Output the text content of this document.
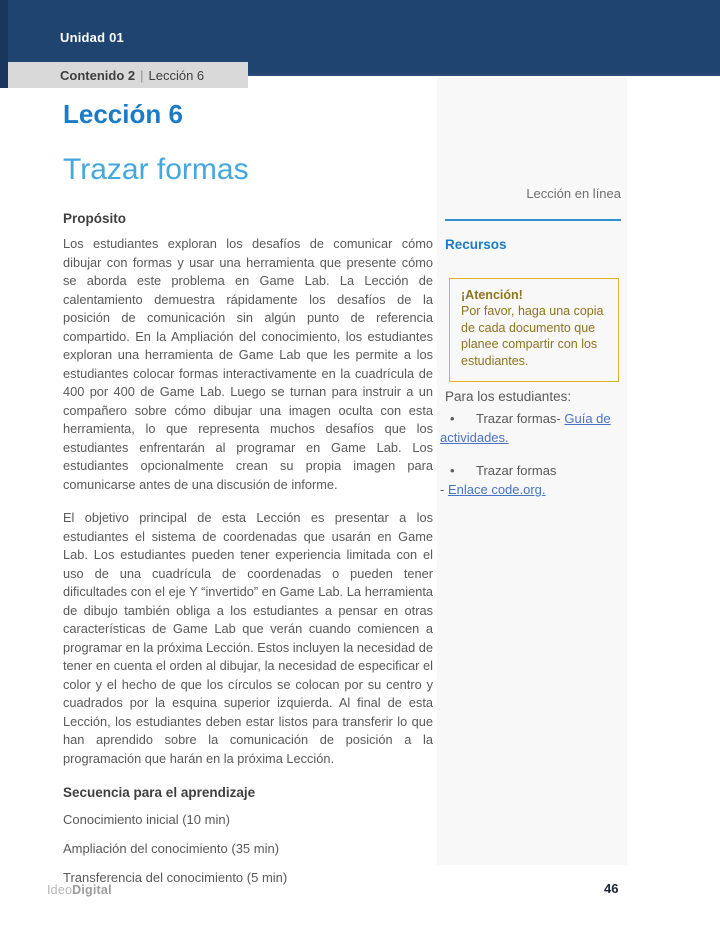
Unidad 01
Contenido 2 | Lección 6
Lección 6
Trazar formas
Propósito

Los estudiantes exploran los desafíos de comunicar cómo dibujar con formas y usar una herramienta que presente cómo se aborda este problema en Game Lab. La Lección de calentamiento demuestra rápidamente los desafíos de la posición de comunicación sin algún punto de referencia compartido. En la Ampliación del conocimiento, los estudiantes exploran una herramienta de Game Lab que les permite a los estudiantes colocar formas interactivamente en la cuadrícula de 400 por 400 de Game Lab. Luego se turnan para instruir a un compañero sobre cómo dibujar una imagen oculta con esta herramienta, lo que representa muchos desafíos que los estudiantes enfrentarán al programar en Game Lab. Los estudiantes opcionalmente crean su propia imagen para comunicarse antes de una discusión de informe.

El objetivo principal de esta Lección es presentar a los estudiantes el sistema de coordenadas que usarán en Game Lab. Los estudiantes pueden tener experiencia limitada con el uso de una cuadrícula de coordenadas o pueden tener dificultades con el eje Y “invertido” en Game Lab. La herramienta de dibujo también obliga a los estudiantes a pensar en otras características de Game Lab que verán cuando comiencen a programar en la próxima Lección. Estos incluyen la necesidad de tener en cuenta el orden al dibujar, la necesidad de especificar el color y el hecho de que los círculos se colocan por su centro y cuadrados por la esquina superior izquierda. Al final de esta Lección, los estudiantes deben estar listos para transferir lo que han aprendido sobre la comunicación de posición a la programación que harán en la próxima Lección.

Secuencia para el aprendizaje
Conocimiento inicial (10 min)
Ampliación del conocimiento (35 min)
Transferencia del conocimiento (5 min)
Lección en línea
Recursos
¡Atención!
Por favor, haga una copia de cada documento que planee compartir con los estudiantes.
Para los estudiantes:
• Trazar formas- Guía de actividades.
• Trazar formas
- Enlace code.org.
IdeoDigital	46
